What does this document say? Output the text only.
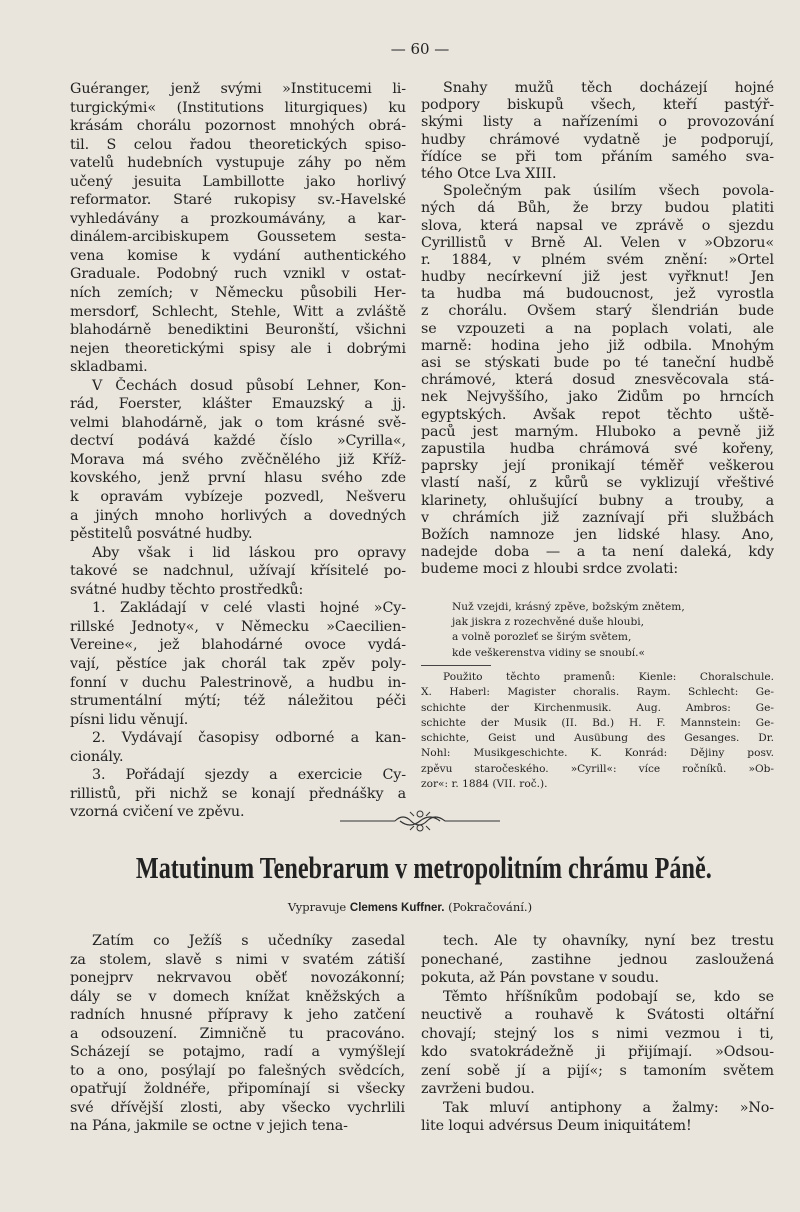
— 60 —
Guéranger, jenž svými »Institucemi li-
turgickými« (Institutions liturgiques) ku
krásám chorálu pozornost mnohých obrá-
til. S celou řadou theoretických spiso-
vatelů hudebních vystupuje záhy po něm
učený jesuita Lambillotte jako horlivý
reformator. Staré rukopisy sv.-Havelské
vyhledávány a prozkoumávány, a kar-
dinálem-arcibiskupem Goussetem sesta-
vena komise k vydání authentického
Graduale. Podobný ruch vznikl v ostat-
ních zemích; v Německu působili Her-
mersdorf, Schlecht, Stehle, Witt a zvláště
blahodárně benediktini Beuronští, všichni
nejen theoretickými spisy ale i dobrými
skladbami.
V Čechách dosud působí Lehner, Kon-
rád, Foerster, klášter Emauzský a jj.
velmi blahodárně, jak o tom krásné svě-
dectví podává každé číslo »Cyrilla«,
Morava má svého zvěčnělého již Kříž-
kovského, jenž první hlasu svého zde
k opravám vybízeje pozvedl, Nešveru
a jiných mnoho horlivých a dovedných
pěstitelů posvátné hudby.
Aby však i lid láskou pro opravy
takové se nadchnul, užívají křísitelé po-
svátné hudby těchto prostředků:
1. Zakládají v celé vlasti hojné »Cy-
rillské Jednoty«, v Německu »Caecilien-
Vereine«, jež blahodárné ovoce vydá-
vají, pěstíce jak chorál tak zpěv poly-
fonní v duchu Palestrinově, a hudbu in-
strumentální mýtí; též náležitou péči
písni lidu věnují.
2. Vydávají časopisy odborné a kan-
cionály.
3. Pořádají sjezdy a exercicie Cy-
rillistů, při nichž se konají přednášky a
vzorná cvičení ve zpěvu.
Snahy mužů těch docházejí hojné
podpory biskupů všech, kteří pastýř-
skými listy a nařízeními o provozování
hudby chrámové vydatně je podporují,
řídíce se při tom přáním samého sva-
tého Otce Lva XIII.
Společným pak úsilím všech povola-
ných dá Bůh, že brzy budou platiti
slova, která napsal ve zprávě o sjezdu
Cyrillistů v Brně Al. Velen v »Obzoru«
r. 1884, v plném svém znění: »Ortel
hudby necírkevní již jest vyřknut! Jen
ta hudba má budoucnost, jež vyrostla
z chorálu. Ovšem starý šlendrián bude
se vzpouzeti a na poplach volati, ale
marně: hodina jeho již odbila. Mnohým
asi se stýskati bude po té taneční hudbě
chrámové, která dosud znesvěcovala stá-
nek Nejvyššího, jako Židům po hrncích
egyptských. Avšak repot těchto uště-
paců jest marným. Hluboko a pevně již
zapustila hudba chrámová své kořeny,
paprsky její pronikají téměř veškerou
vlastí naší, z kůrů se vyklizují vřeštivé
klarinety, ohlušující bubny a trouby, a
v chrámích již zaznívají při službách
Božích namnoze jen lidské hlasy. Ano,
nadejde doba — a ta není daleká, kdy
budeme moci z hloubi srdce zvolati:
Nuž vzejdi, krásný zpěve, božským znětem,
jak jiskra z rozechvěné duše hloubi,
a volně porozleť se širým světem,
kde veškerenstva vidiny se snoubí.«
Použito těchto pramenů: Kienle: Choralschule.
X. Haberl: Magister choralis. Raym. Schlecht: Ge-
schichte der Kirchenmusik. Aug. Ambros: Ge-
schichte der Musik (II. Bd.) H. F. Mannstein: Ge-
schichte, Geist und Ausübung des Gesanges. Dr.
Nohl: Musikgeschichte. K. Konrád: Dějiny posv.
zpěvu staročeského. »Cyrill«: více ročníků. »Ob-
zor«: r. 1884 (VII. roč.).
Matutinum Tenebrarum v metropolitním chrámu Páně.
Vypravuje Clemens Kuffner. (Pokračování.)
Zatím co Ježíš s učedníky zasedal
za stolem, slavě s nimi v svatém zátiší
ponejprv nekrvavou oběť novozákonní;
dály se v domech knížat kněžských a
radních hnusné přípravy k jeho zatčení
a odsouzení. Zimničně tu pracováno.
Scházejí se potajmo, radí a vymýšlejí
to a ono, posýlají po falešných svědcích,
opatřují žoldnéře, připomínají si všecky
své dřívější zlosti, aby všecko vychrlili
na Pána, jakmile se octne v jejich tena-
tech. Ale ty ohavníky, nyní bez trestu
ponechané, zastihne jednou zasloužená
pokuta, až Pán povstane v soudu.
Těmto hříšníkům podobají se, kdo se
neuctivě a rouhavě k Svátosti oltářní
chovají; stejný los s nimi vezmou i ti,
kdo svatokrádežně ji přijímají. »Odsou-
zení sobě jí a pijí«; s tamoním světem
zavrženi budou.
Tak mluví antiphony a žalmy: »No-
lite loqui advérsus Deum iniquitátem!
